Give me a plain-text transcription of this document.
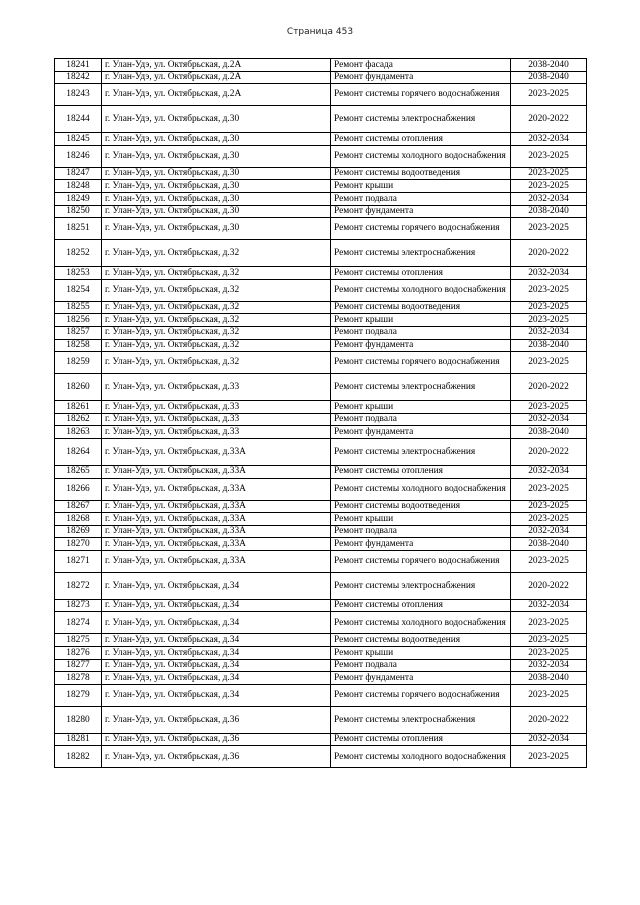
Страница 453
18241	г. Улан-Удэ, ул. Октябрьская, д.2А	Ремонт фасада	2038-2040
18242	г. Улан-Удэ, ул. Октябрьская, д.2А	Ремонт фундамента	2038-2040
18243	г. Улан-Удэ, ул. Октябрьская, д.2А	Ремонт системы горячего водоснабжения	2023-2025
18244	г. Улан-Удэ, ул. Октябрьская, д.30	Ремонт системы электроснабжения	2020-2022
18245	г. Улан-Удэ, ул. Октябрьская, д.30	Ремонт системы отопления	2032-2034
18246	г. Улан-Удэ, ул. Октябрьская, д.30	Ремонт системы холодного водоснабжения	2023-2025
18247	г. Улан-Удэ, ул. Октябрьская, д.30	Ремонт системы водоотведения	2023-2025
18248	г. Улан-Удэ, ул. Октябрьская, д.30	Ремонт крыши	2023-2025
18249	г. Улан-Удэ, ул. Октябрьская, д.30	Ремонт подвала	2032-2034
18250	г. Улан-Удэ, ул. Октябрьская, д.30	Ремонт фундамента	2038-2040
18251	г. Улан-Удэ, ул. Октябрьская, д.30	Ремонт системы горячего водоснабжения	2023-2025
18252	г. Улан-Удэ, ул. Октябрьская, д.32	Ремонт системы электроснабжения	2020-2022
18253	г. Улан-Удэ, ул. Октябрьская, д.32	Ремонт системы отопления	2032-2034
18254	г. Улан-Удэ, ул. Октябрьская, д.32	Ремонт системы холодного водоснабжения	2023-2025
18255	г. Улан-Удэ, ул. Октябрьская, д.32	Ремонт системы водоотведения	2023-2025
18256	г. Улан-Удэ, ул. Октябрьская, д.32	Ремонт крыши	2023-2025
18257	г. Улан-Удэ, ул. Октябрьская, д.32	Ремонт подвала	2032-2034
18258	г. Улан-Удэ, ул. Октябрьская, д.32	Ремонт фундамента	2038-2040
18259	г. Улан-Удэ, ул. Октябрьская, д.32	Ремонт системы горячего водоснабжения	2023-2025
18260	г. Улан-Удэ, ул. Октябрьская, д.33	Ремонт системы электроснабжения	2020-2022
18261	г. Улан-Удэ, ул. Октябрьская, д.33	Ремонт крыши	2023-2025
18262	г. Улан-Удэ, ул. Октябрьская, д.33	Ремонт подвала	2032-2034
18263	г. Улан-Удэ, ул. Октябрьская, д.33	Ремонт фундамента	2038-2040
18264	г. Улан-Удэ, ул. Октябрьская, д.33А	Ремонт системы электроснабжения	2020-2022
18265	г. Улан-Удэ, ул. Октябрьская, д.33А	Ремонт системы отопления	2032-2034
18266	г. Улан-Удэ, ул. Октябрьская, д.33А	Ремонт системы холодного водоснабжения	2023-2025
18267	г. Улан-Удэ, ул. Октябрьская, д.33А	Ремонт системы водоотведения	2023-2025
18268	г. Улан-Удэ, ул. Октябрьская, д.33А	Ремонт крыши	2023-2025
18269	г. Улан-Удэ, ул. Октябрьская, д.33А	Ремонт подвала	2032-2034
18270	г. Улан-Удэ, ул. Октябрьская, д.33А	Ремонт фундамента	2038-2040
18271	г. Улан-Удэ, ул. Октябрьская, д.33А	Ремонт системы горячего водоснабжения	2023-2025
18272	г. Улан-Удэ, ул. Октябрьская, д.34	Ремонт системы электроснабжения	2020-2022
18273	г. Улан-Удэ, ул. Октябрьская, д.34	Ремонт системы отопления	2032-2034
18274	г. Улан-Удэ, ул. Октябрьская, д.34	Ремонт системы холодного водоснабжения	2023-2025
18275	г. Улан-Удэ, ул. Октябрьская, д.34	Ремонт системы водоотведения	2023-2025
18276	г. Улан-Удэ, ул. Октябрьская, д.34	Ремонт крыши	2023-2025
18277	г. Улан-Удэ, ул. Октябрьская, д.34	Ремонт подвала	2032-2034
18278	г. Улан-Удэ, ул. Октябрьская, д.34	Ремонт фундамента	2038-2040
18279	г. Улан-Удэ, ул. Октябрьская, д.34	Ремонт системы горячего водоснабжения	2023-2025
18280	г. Улан-Удэ, ул. Октябрьская, д.36	Ремонт системы электроснабжения	2020-2022
18281	г. Улан-Удэ, ул. Октябрьская, д.36	Ремонт системы отопления	2032-2034
18282	г. Улан-Удэ, ул. Октябрьская, д.36	Ремонт системы холодного водоснабжения	2023-2025
